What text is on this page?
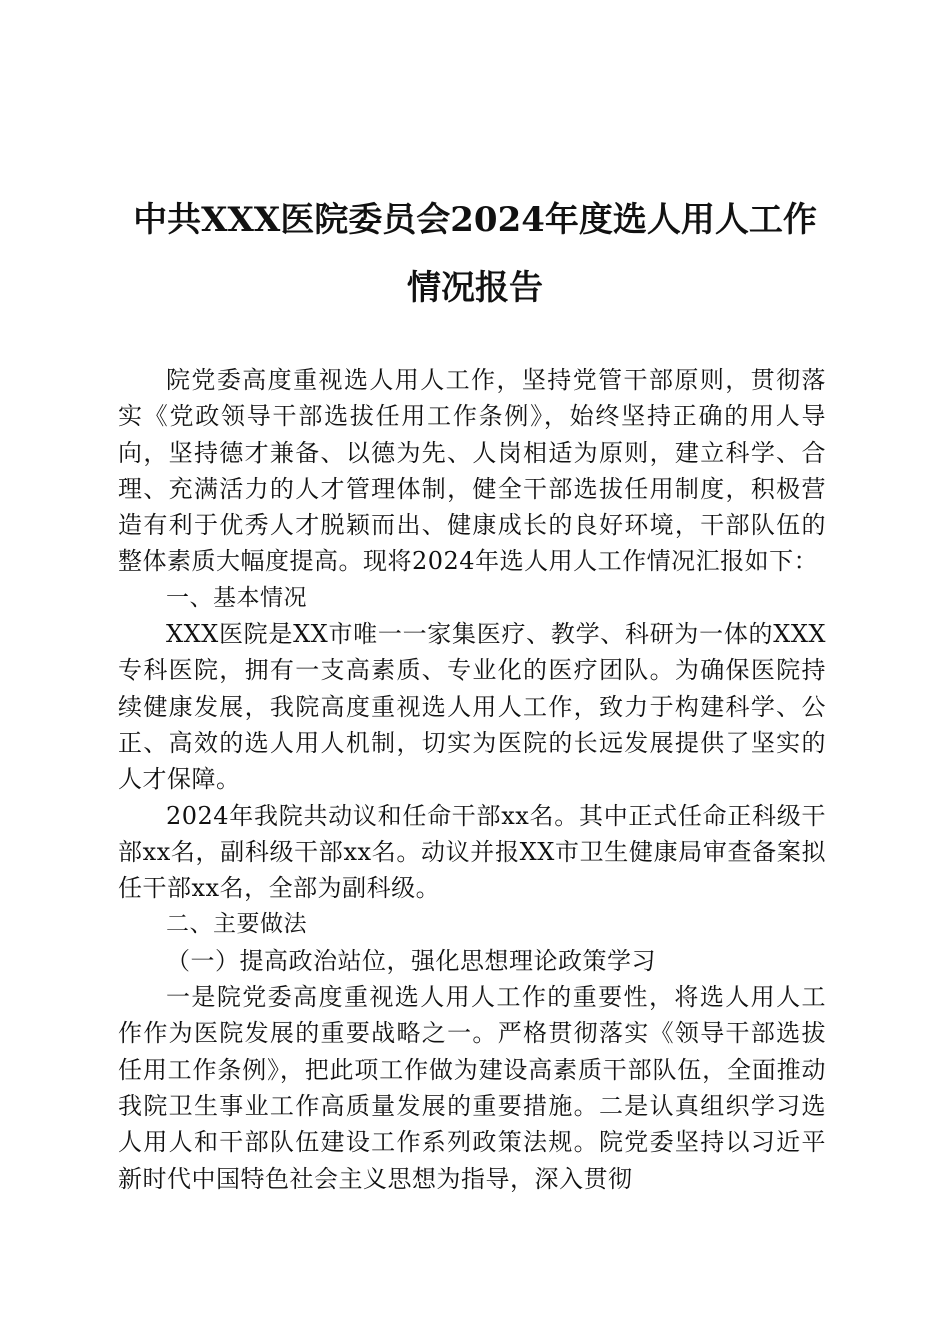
中共XXX医院委员会2024年度选人用人工作
情况报告

院党委高度重视选人用人工作，坚持党管干部原则，贯彻落实《党政领导干部选拔任用工作条例》，始终坚持正确的用人导向，坚持德才兼备、以德为先、人岗相适为原则，建立科学、合理、充满活力的人才管理体制，健全干部选拔任用制度，积极营造有利于优秀人才脱颖而出、健康成长的良好环境，干部队伍的整体素质大幅度提高。现将2024年选人用人工作情况汇报如下：

一、基本情况

XXX医院是XX市唯一一家集医疗、教学、科研为一体的XXX专科医院，拥有一支高素质、专业化的医疗团队。为确保医院持续健康发展，我院高度重视选人用人工作，致力于构建科学、公正、高效的选人用人机制，切实为医院的长远发展提供了坚实的人才保障。

2024年我院共动议和任命干部xx名。其中正式任命正科级干部xx名，副科级干部xx名。动议并报XX市卫生健康局审查备案拟任干部xx名，全部为副科级。

二、主要做法

（一）提高政治站位，强化思想理论政策学习

一是院党委高度重视选人用人工作的重要性，将选人用人工作作为医院发展的重要战略之一。严格贯彻落实《领导干部选拔任用工作条例》，把此项工作做为建设高素质干部队伍，全面推动我院卫生事业工作高质量发展的重要措施。二是认真组织学习选人用人和干部队伍建设工作系列政策法规。院党委坚持以习近平新时代中国特色社会主义思想为指导，深入贯彻
